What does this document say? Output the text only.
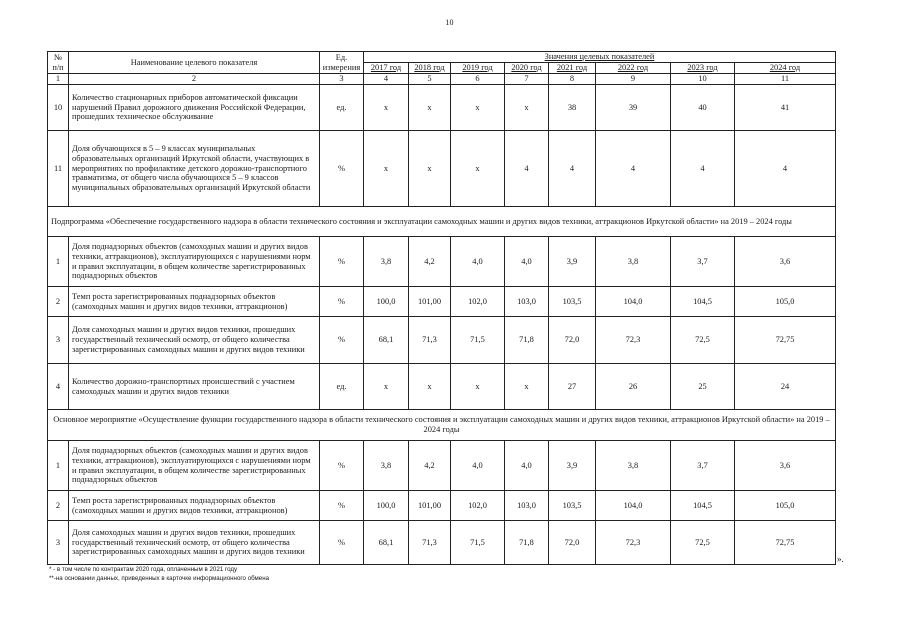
10
№
п/п	Наименование целевого показателя	Ед. измерения	Значения целевых показателей							
			2017 год	2018 год	2019 год	2020 год	2021 год	2022 год	2023 год	2024 год
1	2	3	4	5	6	7	8	9	10	11
10	Количество стационарных приборов автоматической фиксации нарушений Правил дорожного движения Российской Федерации, прошедших техническое обслуживание	ед.	х	х	х	х	38	39	40	41
11	Доля обучающихся в 5 – 9 классах муниципальных образовательных организаций Иркутской области, участвующих в мероприятиях по профилактике детского дорожно-транспортного травматизма, от общего числа обучающихся 5 – 9 классов муниципальных образовательных организаций Иркутской области	%	х	х	х	4	4	4	4	4
Подпрограмма «Обеспечение государственного надзора в области технического состояния и эксплуатации самоходных машин и других видов техники, аттракционов Иркутской области» на 2019 – 2024 годы										
1	Доля поднадзорных объектов (самоходных машин и других видов техники, аттракционов), эксплуатирующихся с нарушениями норм и правил эксплуатации, в общем количестве зарегистрированных поднадзорных объектов	%	3,8	4,2	4,0	4,0	3,9	3,8	3,7	3,6
2	Темп роста зарегистрированных поднадзорных объектов (самоходных машин и других видов техники, аттракционов)	%	100,0	101,00	102,0	103,0	103,5	104,0	104,5	105,0
3	Доля самоходных машин и других видов техники, прошедших государственный технический осмотр, от общего количества зарегистрированных самоходных машин и других видов техники	%	68,1	71,3	71,5	71,8	72,0	72,3	72,5	72,75
4	Количество дорожно-транспортных происшествий с участием самоходных машин и других видов техники	ед.	х	х	х	х	27	26	25	24
Основное мероприятие «Осуществление функции государственного надзора в области технического состояния и эксплуатации самоходных машин и других видов техники, аттракционов Иркутской области» на 2019 – 2024 годы										
1	Доля поднадзорных объектов (самоходных машин и других видов техники, аттракционов), эксплуатирующихся с нарушениями норм и правил эксплуатации, в общем количестве зарегистрированных поднадзорных объектов	%	3,8	4,2	4,0	4,0	3,9	3,8	3,7	3,6
2	Темп роста зарегистрированных поднадзорных объектов (самоходных машин и других видов техники, аттракционов)	%	100,0	101,00	102,0	103,0	103,5	104,0	104,5	105,0
3	Доля самоходных машин и других видов техники, прошедших государственный технический осмотр, от общего количества зарегистрированных самоходных машин и других видов техники	%	68,1	71,3	71,5	71,8	72,0	72,3	72,5	72,75
».
* - в том числе по контрактам 2020 года, оплаченным в 2021 году
**-на основании данных, приведенных в карточке информационного обмена
